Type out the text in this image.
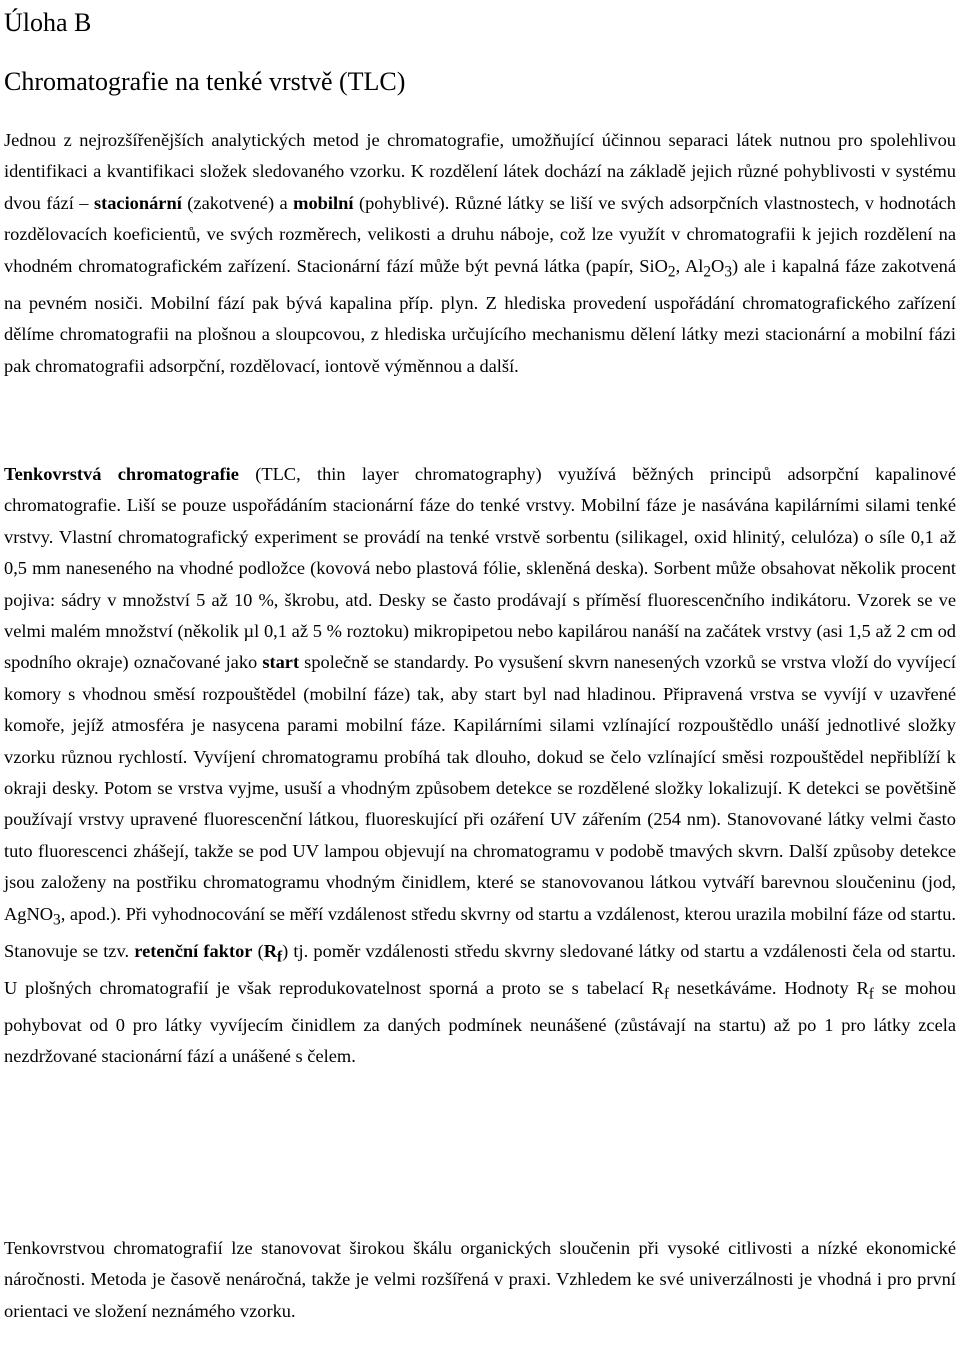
Úloha B
Chromatografie na tenké vrstvě (TLC)

Jednou z nejrozšířenějších analytických metod je chromatografie, umožňující účinnou separaci látek nutnou pro spolehlivou identifikaci a kvantifikaci složek sledovaného vzorku. K rozdělení látek dochází na základě jejich různé pohyblivosti v systému dvou fází – stacionární (zakotvené) a mobilní (pohyblivé). Různé látky se liší ve svých adsorpčních vlastnostech, v hodnotách rozdělovacích koeficientů, ve svých rozměrech, velikosti a druhu náboje, což lze využít v chromatografii k jejich rozdělení na vhodném chromatografickém zařízení. Stacionární fází může být pevná látka (papír, SiO$_2$, $Al_2O_3$) ale i kapalná fáze zakotvená na pevném nosiči. Mobilní fází pak bývá kapalina příp. plyn. Z hlediska provedení uspořádání chromatografického zařízení dělíme chromatografii na plošnou a sloupcovou, z hlediska určujícího mechanismu dělení látky mezi stacionární a mobilní fázi pak chromatografii adsorpční, rozdělovací, iontově výměnnou a další.

Tenkovrstvá chromatografie (TLC, thin layer chromatography) využívá běžných principů adsorpční kapalinové chromatografie. Liší se pouze uspořádáním stacionární fáze do tenké vrstvy. Mobilní fáze je nasávána kapilárními silami tenké vrstvy. Vlastní chromatografický experiment se provádí na tenké vrstvě sorbentu (silikagel, oxid hlinitý, celulóza) o síle 0,1 až 0,5 mm naneseného na vhodné podložce (kovová nebo plastová fólie, skleněná deska). Sorbent může obsahovat několik procent pojiva: sádry v množství 5 až 10 %, škrobu, atd. Desky se často prodávají s příměsí fluorescenčního indikátoru. Vzorek se ve velmi malém množství (několik µl 0,1 až 5 % roztoku) mikropipetou nebo kapilárou nanáší na začátek vrstvy (asi 1,5 až 2 cm od spodního okraje) označované jako start společně se standardy. Po vysušení skvrn nanesených vzorků se vrstva vloží do vyvíjecí komory s vhodnou směsí rozpouštědel (mobilní fáze) tak, aby start byl nad hladinou. Připravená vrstva se vyvíjí v uzavřené komoře, jejíž atmosféra je nasycena parami mobilní fáze. Kapilárními silami vzlínající rozpouštědlo unáší jednotlivé složky vzorku různou rychlostí. Vyvíjení chromatogramu probíhá tak dlouho, dokud se čelo vzlínající směsi rozpouštědel nepřiblíží k okraji desky. Potom se vrstva vyjme, usuší a vhodným způsobem detekce se rozdělené složky lokalizují. K detekci se povětšině používají vrstvy upravené fluorescenční látkou, fluoreskující při ozáření UV zářením (254 nm). Stanovované látky velmi často tuto fluorescenci zhášejí, takže se pod UV lampou objevují na chromatogramu v podobě tmavých skvrn. Další způsoby detekce jsou založeny na postřiku chromatogramu vhodným činidlem, které se stanovovanou látkou vytváří barevnou sloučeninu (jod, AgNO$_3$, apod.). Při vyhodnocování se měří vzdálenost středu skvrny od startu a vzdálenost, kterou urazila mobilní fáze od startu. Stanovuje se tzv. retenční faktor $(R_f)$ tj. poměr vzdálenosti středu skvrny sledované látky od startu a vzdálenosti čela od startu. U plošných chromatografií je však reprodukovatelnost sporná a proto se s tabelací $R_f$ nesetkáváme. Hodnoty $R_f$ se mohou pohybovat od 0 pro látky vyvíjecím činidlem za daných podmínek neunášené (zůstávají na startu) až po 1 pro látky zcela nezdržované stacionární fází a unášené s čelem.

Tenkovrstvou chromatografií lze stanovovat širokou škálu organických sloučenin při vysoké citlivosti a nízké ekonomické náročnosti. Metoda je časově nenáročná, takže je velmi rozšířená v praxi. Vzhledem ke své univerzálnosti je vhodná i pro první orientaci ve složení neznámého vzorku.
